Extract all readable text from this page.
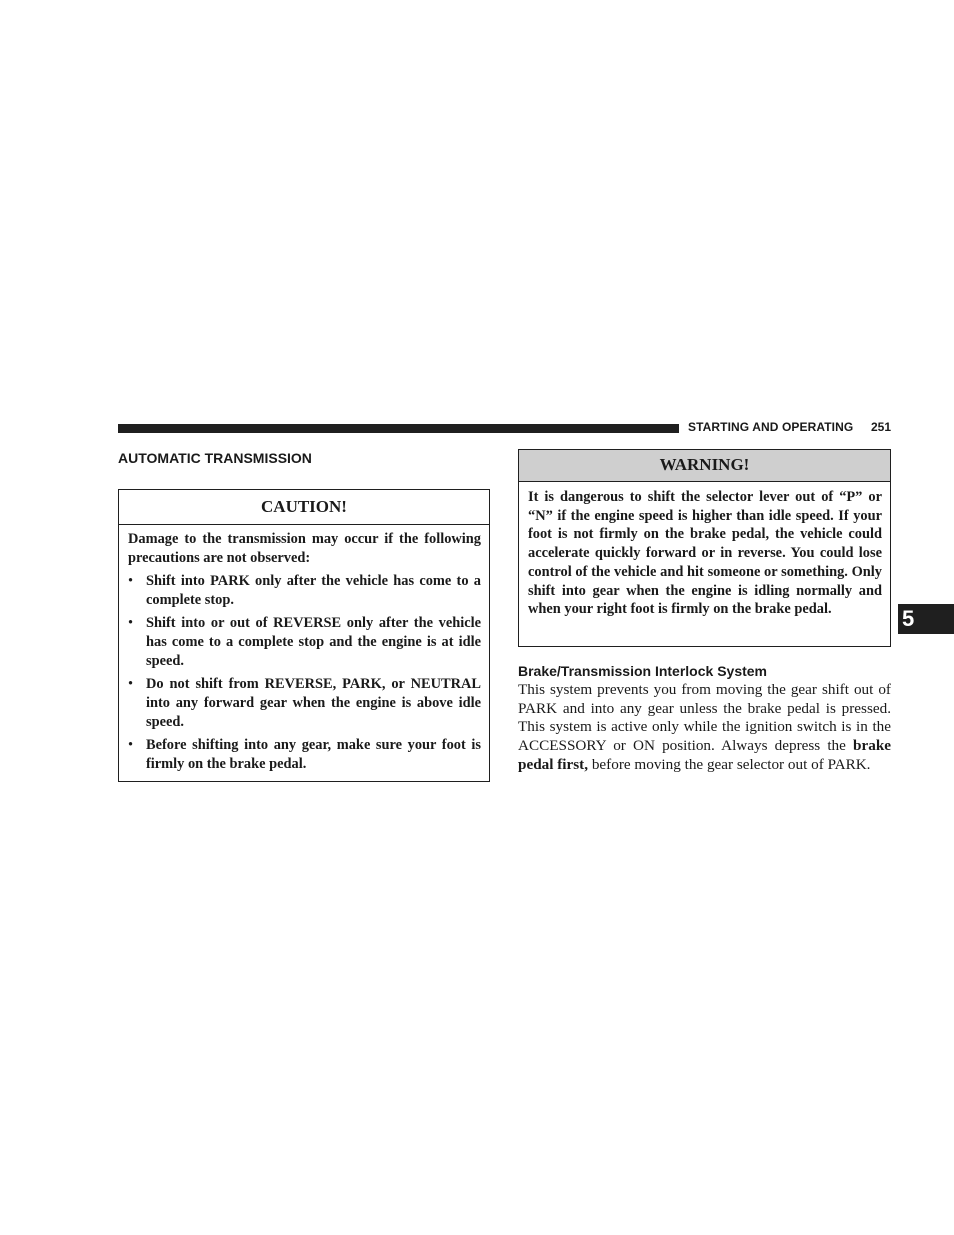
STARTING AND OPERATING 251
AUTOMATIC TRANSMISSION
CAUTION!

Damage to the transmission may occur if the following precautions are not observed:

• Shift into PARK only after the vehicle has come to a complete stop.
• Shift into or out of REVERSE only after the vehicle has come to a complete stop and the engine is at idle speed.
• Do not shift from REVERSE, PARK, or NEUTRAL into any forward gear when the engine is above idle speed.
• Before shifting into any gear, make sure your foot is firmly on the brake pedal.
WARNING!
It is dangerous to shift the selector lever out of “P” or “N” if the engine speed is higher than idle speed. If your foot is not firmly on the brake pedal, the vehicle could accelerate quickly forward or in reverse. You could lose control of the vehicle and hit someone or something. Only shift into gear when the engine is idling normally and when your right foot is firmly on the brake pedal.
Brake/Transmission Interlock System
This system prevents you from moving the gear shift out of PARK and into any gear unless the brake pedal is pressed. This system is active only while the ignition switch is in the ACCESSORY or ON position. Always depress the brake pedal first, before moving the gear selector out of PARK.
5
